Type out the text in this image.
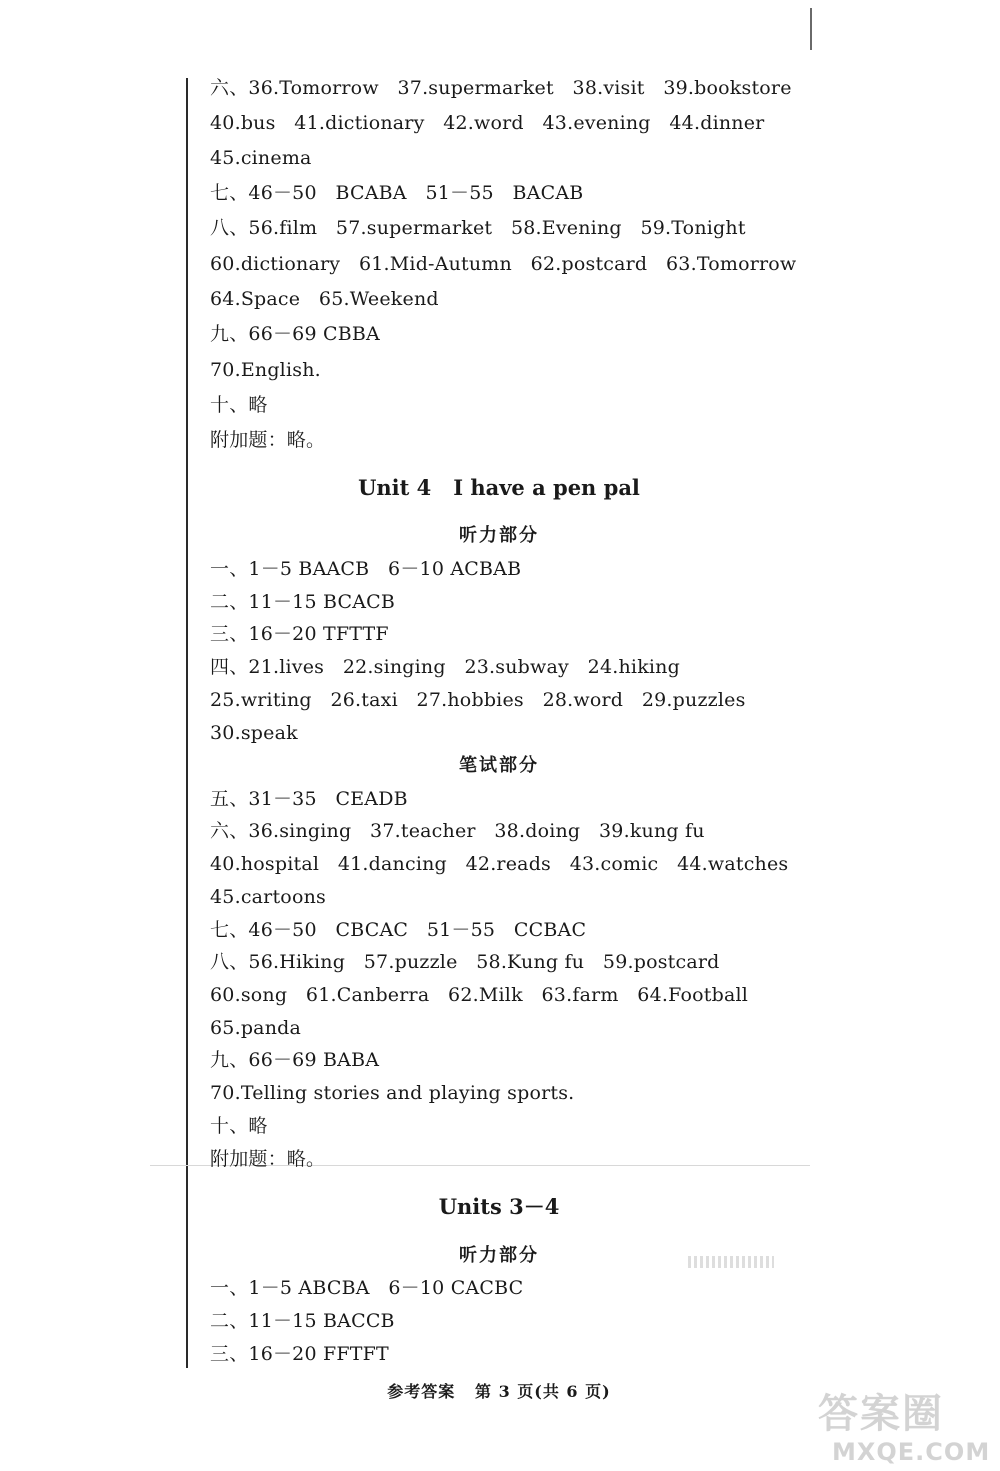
六、36.Tomorrow   37.supermarket   38.visit   39.bookstore
40.bus   41.dictionary   42.word   43.evening   44.dinner
45.cinema
七、46－50   BCABA   51－55   BACAB
八、56.film   57.supermarket   58.Evening   59.Tonight
60.dictionary   61.Mid-Autumn   62.postcard   63.Tomorrow
64.Space   65.Weekend
九、66－69 CBBA
70.English.
十、略
附加题：略。
Unit 4   I have a pen pal
听力部分
一、1－5 BAACB   6－10 ACBAB
二、11－15 BCACB
三、16－20 TFTTF
四、21.lives   22.singing   23.subway   24.hiking
25.writing   26.taxi   27.hobbies   28.word   29.puzzles
30.speak
笔试部分
五、31－35   CEADB
六、36.singing   37.teacher   38.doing   39.kung fu
40.hospital   41.dancing   42.reads   43.comic   44.watches
45.cartoons
七、46－50   CBCAC   51－55   CCBAC
八、56.Hiking   57.puzzle   58.Kung fu   59.postcard
60.song   61.Canberra   62.Milk   63.farm   64.Football
65.panda
九、66－69 BABA
70.Telling stories and playing sports.
十、略
附加题：略。
Units 3－4
听力部分
一、1－5 ABCBA   6－10 CACBC
二、11－15 BACCB
三、16－20 FFTFT
参考答案   第 3 页(共 6 页)	答案圈
MXQE.COM
